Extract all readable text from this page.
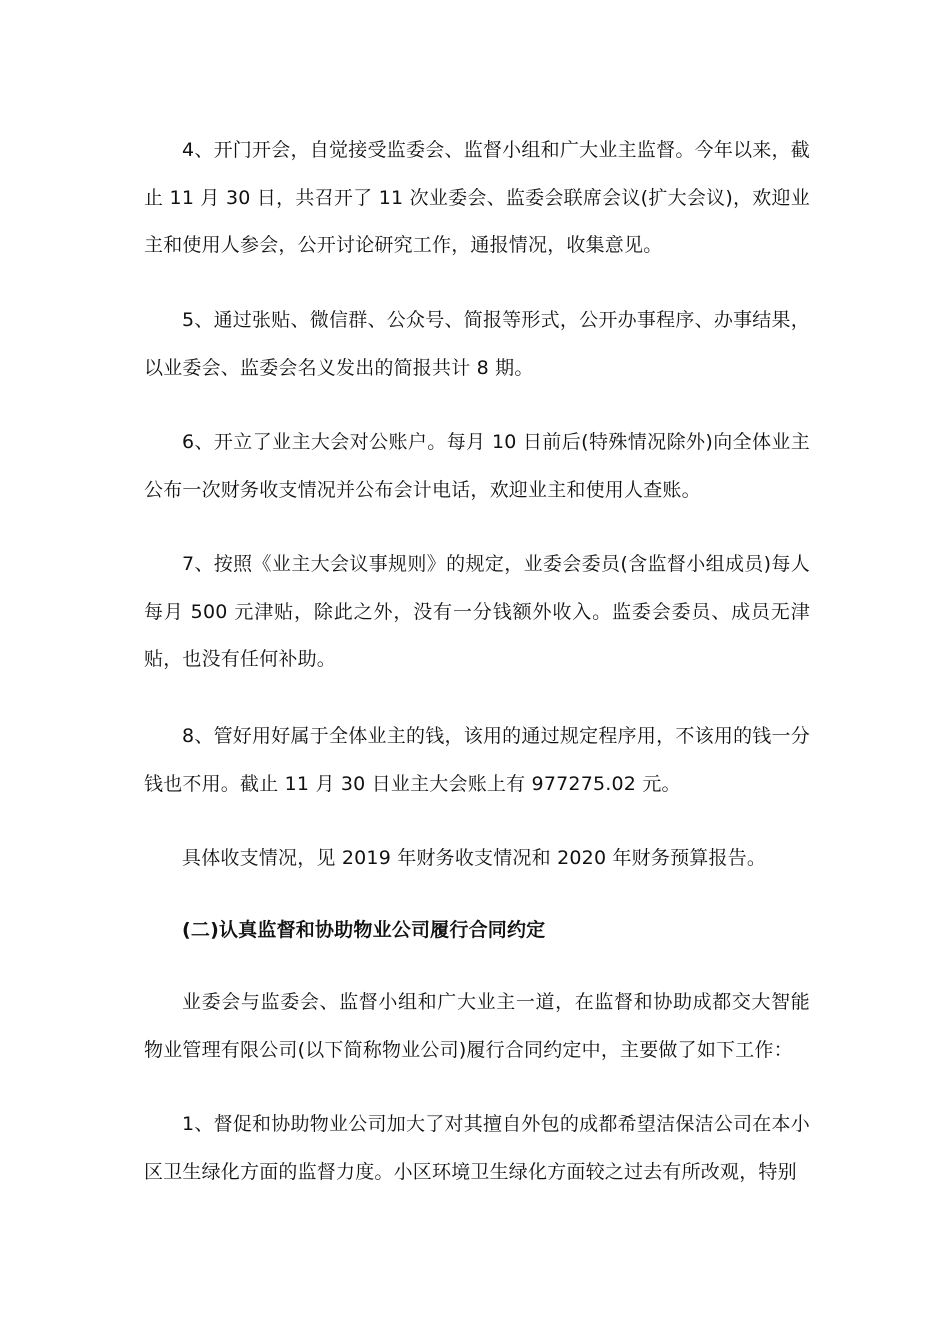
4、开门开会，自觉接受监委会、监督小组和广大业主监督。今年以来，截止 11 月 30 日，共召开了 11 次业委会、监委会联席会议(扩大会议)，欢迎业主和使用人参会，公开讨论研究工作，通报情况，收集意见。

5、通过张贴、微信群、公众号、简报等形式，公开办事程序、办事结果，以业委会、监委会名义发出的简报共计 8 期。

6、开立了业主大会对公账户。每月 10 日前后(特殊情况除外)向全体业主公布一次财务收支情况并公布会计电话，欢迎业主和使用人查账。

7、按照《业主大会议事规则》的规定，业委会委员(含监督小组成员)每人每月 500 元津贴，除此之外，没有一分钱额外收入。监委会委员、成员无津贴，也没有任何补助。

8、管好用好属于全体业主的钱，该用的通过规定程序用，不该用的钱一分钱也不用。截止 11 月 30 日业主大会账上有 977275.02 元。

具体收支情况，见 2019 年财务收支情况和 2020 年财务预算报告。

(二)认真监督和协助物业公司履行合同约定

业委会与监委会、监督小组和广大业主一道，在监督和协助成都交大智能物业管理有限公司(以下简称物业公司)履行合同约定中，主要做了如下工作：

1、督促和协助物业公司加大了对其擅自外包的成都希望洁保洁公司在本小区卫生绿化方面的监督力度。小区环境卫生绿化方面较之过去有所改观，特别
